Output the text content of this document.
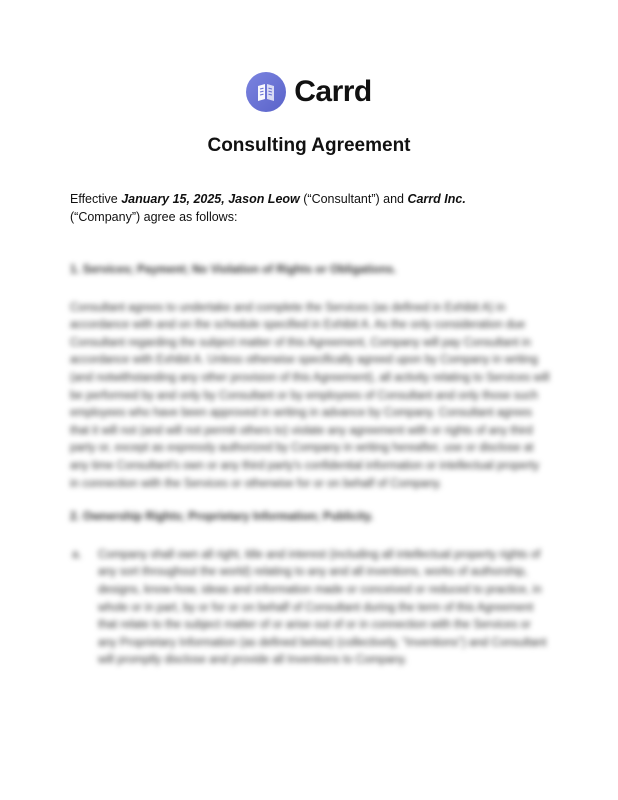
Carrd
Consulting Agreement
Effective January 15, 2025, Jason Leow (“Consultant”) and Carrd Inc. (“Company”) agree as follows:
1. Services; Payment; No Violation of Rights or Obligations.
Consultant agrees to undertake and complete the Services (as defined in Exhibit A) in accordance with and on the schedule specified in Exhibit A. As the only consideration due Consultant regarding the subject matter of this Agreement, Company will pay Consultant in accordance with Exhibit A. Unless otherwise specifically agreed upon by Company in writing (and notwithstanding any other provision of this Agreement), all activity relating to Services will be performed by and only by Consultant or by employees of Consultant and only those such employees who have been approved in writing in advance by Company. Consultant agrees that it will not (and will not permit others to) violate any agreement with or rights of any third party or, except as expressly authorized by Company in writing hereafter, use or disclose at any time Consultant's own or any third party's confidential information or intellectual property in connection with the Services or otherwise for or on behalf of Company.
2. Ownership Rights; Proprietary Information; Publicity.
a.	Company shall own all right, title and interest (including all intellectual property rights of any sort throughout the world) relating to any and all inventions, works of authorship, designs, know-how, ideas and information made or conceived or reduced to practice, in whole or in part, by or for or on behalf of Consultant during the term of this Agreement that relate to the subject matter of or arise out of or in connection with the Services or any Proprietary Information (as defined below) (collectively, “Inventions”) and Consultant will promptly disclose and provide all Inventions to Company.
